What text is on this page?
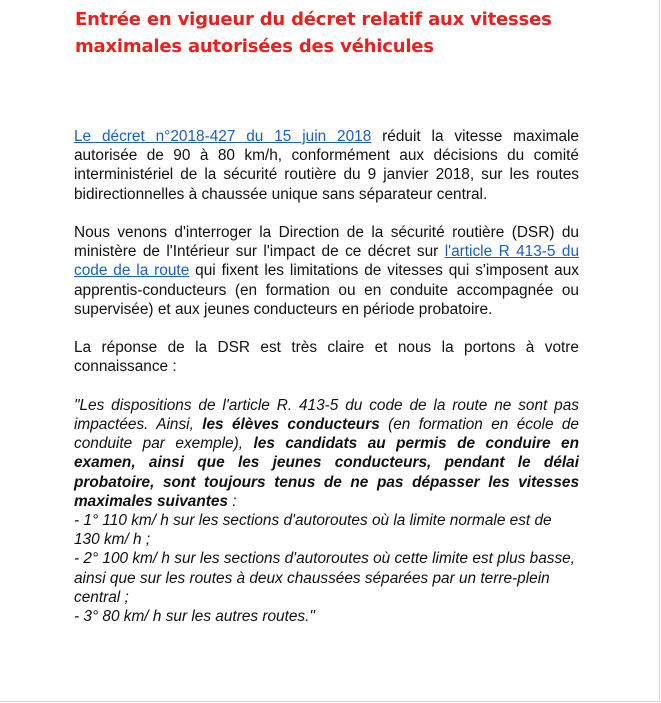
Entrée en vigueur du décret relatif aux vitesses maximales autorisées des véhicules

Le décret n°2018-427 du 15 juin 2018 réduit la vitesse maximale autorisée de 90 à 80 km/h, conformément aux décisions du comité interministériel de la sécurité routière du 9 janvier 2018, sur les routes bidirectionnelles à chaussée unique sans séparateur central.

Nous venons d'interroger la Direction de la sécurité routière (DSR) du ministère de l'Intérieur sur l'impact de ce décret sur l'article R 413-5 du code de la route qui fixent les limitations de vitesses qui s'imposent aux apprentis-conducteurs (en formation ou en conduite accompagnée ou supervisée) et aux jeunes conducteurs en période probatoire.

La réponse de la DSR est très claire et nous la portons à votre connaissance :

"Les dispositions de l'article R. 413-5 du code de la route ne sont pas impactées. Ainsi, les élèves conducteurs (en formation en école de conduite par exemple), les candidats au permis de conduire en examen, ainsi que les jeunes conducteurs, pendant le délai probatoire, sont toujours tenus de ne pas dépasser les vitesses maximales suivantes :
- 1° 110 km/ h sur les sections d'autoroutes où la limite normale est de 130 km/ h ;
- 2° 100 km/ h sur les sections d'autoroutes où cette limite est plus basse, ainsi que sur les routes à deux chaussées séparées par un terre-plein central ;
- 3° 80 km/ h sur les autres routes."
